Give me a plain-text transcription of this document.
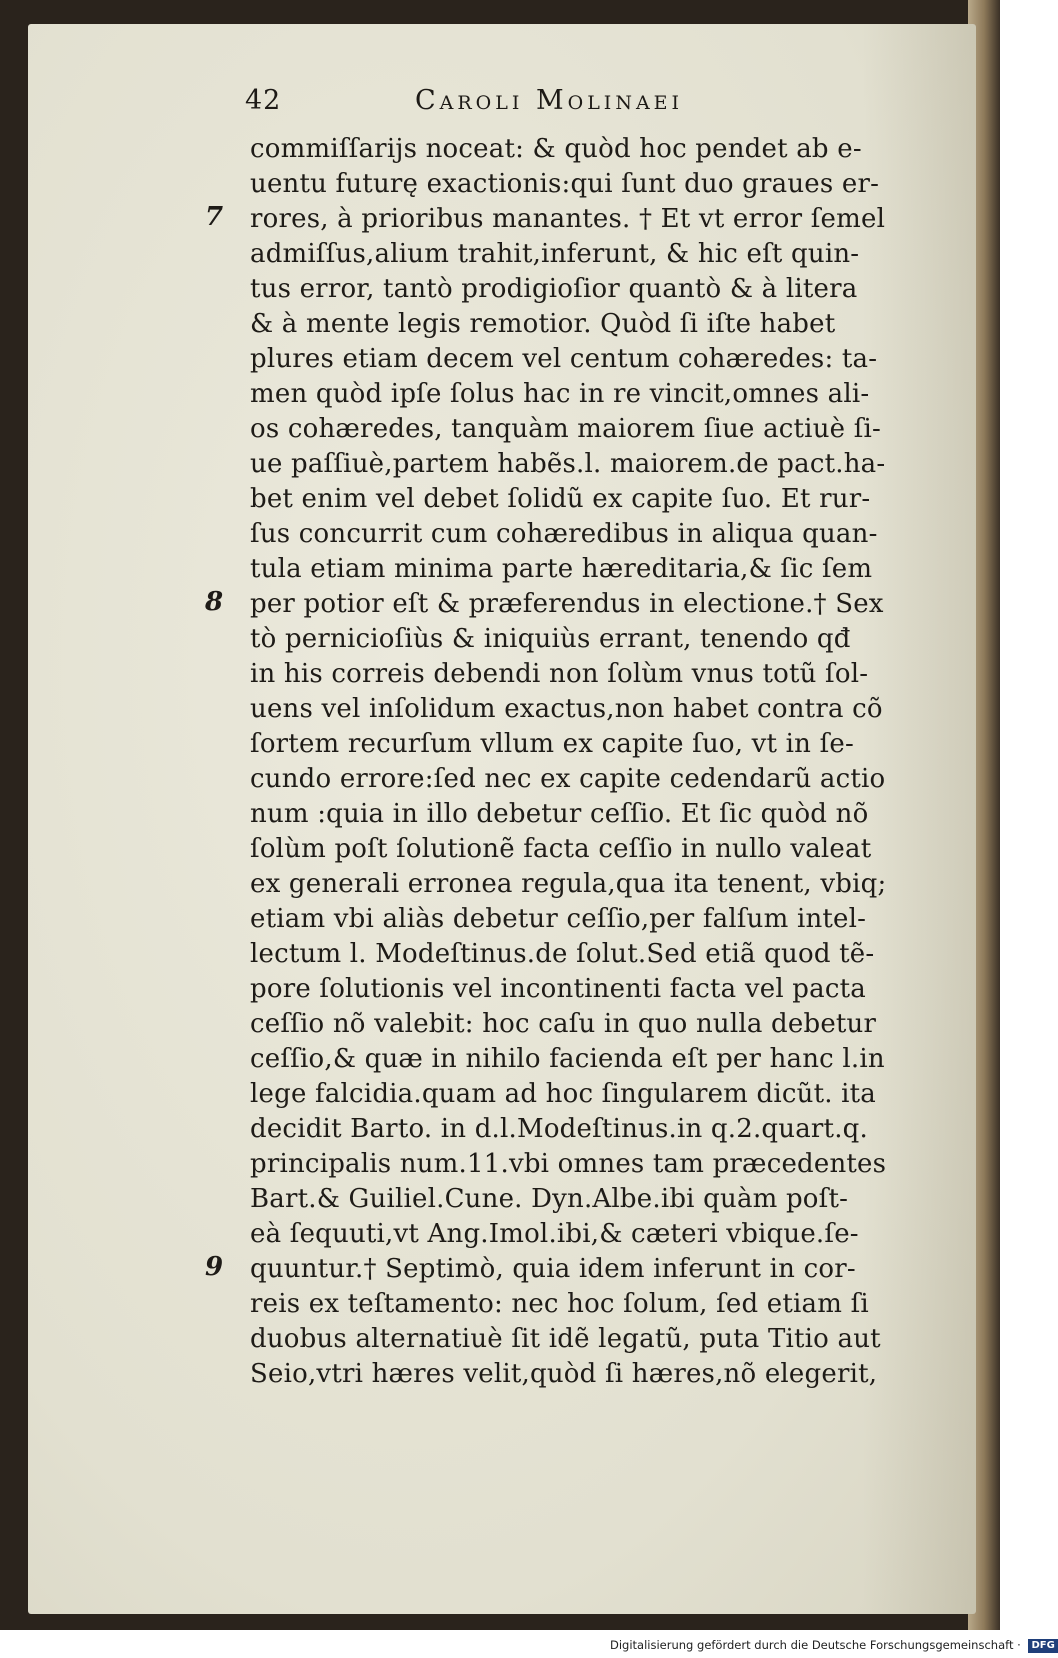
42	Caroli Molinaei
commiſſarijs noceat: & quòd hoc pendet ab e-
uentu futurę exactionis:qui ſunt duo graues er-
rores, à prioribus manantes. † Et vt error ſemel
admiſſus,alium trahit,inferunt, & hic eſt quin-
tus error, tantò prodigioſior quantò & à litera
& à mente legis remotior. Quòd ſi iſte habet
plures etiam decem vel centum cohæredes: ta-
men quòd ipſe ſolus hac in re vincit,omnes ali-
os cohæredes, tanquàm maiorem ſiue actiuè ſi-
ue paſſiuè,partem habẽs.l. maiorem.de pact.ha-
bet enim vel debet ſolidũ ex capite ſuo. Et rur-
ſus concurrit cum cohæredibus in aliqua quan-
tula etiam minima parte hæreditaria,& ſic ſem
per potior eſt & præferendus in electione.† Sex
tò pernicioſiùs & iniquiùs errant, tenendo qđ
in his correis debendi non ſolùm vnus totũ ſol-
uens vel inſolidum exactus,non habet contra cõ
ſortem recurſum vllum ex capite ſuo, vt in ſe-
cundo errore:ſed nec ex capite cedendarũ actio
num :quia in illo debetur ceſſio. Et ſic quòd nõ
ſolùm poſt ſolutionẽ facta ceſſio in nullo valeat
ex generali erronea regula,qua ita tenent, vbiq;
etiam vbi aliàs debetur ceſſio,per falſum intel-
lectum l. Modeſtinus.de ſolut.Sed etiã quod tẽ-
pore ſolutionis vel incontinenti facta vel pacta
ceſſio nõ valebit: hoc caſu in quo nulla debetur
ceſſio,& quæ in nihilo facienda eſt per hanc l.in
lege falcidia.quam ad hoc ſingularem dicũt. ita
decidit Barto. in d.l.Modeſtinus.in q.2.quart.q.
principalis num.11.vbi omnes tam præcedentes
Bart.& Guiliel.Cune. Dyn.Albe.ibi quàm poſt-
eà ſequuti,vt Ang.Imol.ibi,& cæteri vbique.ſe-
quuntur.† Septimò, quia idem inferunt in cor-
reis ex teſtamento: nec hoc ſolum, ſed etiam ſi
duobus alternatiuè ſit idẽ legatũ, puta Titio aut
Seio,vtri hæres velit,quòd ſi hæres,nõ elegerit,
7
8
9
Digitalisierung gefördert durch die Deutsche Forschungsgemeinschaft · DFG
